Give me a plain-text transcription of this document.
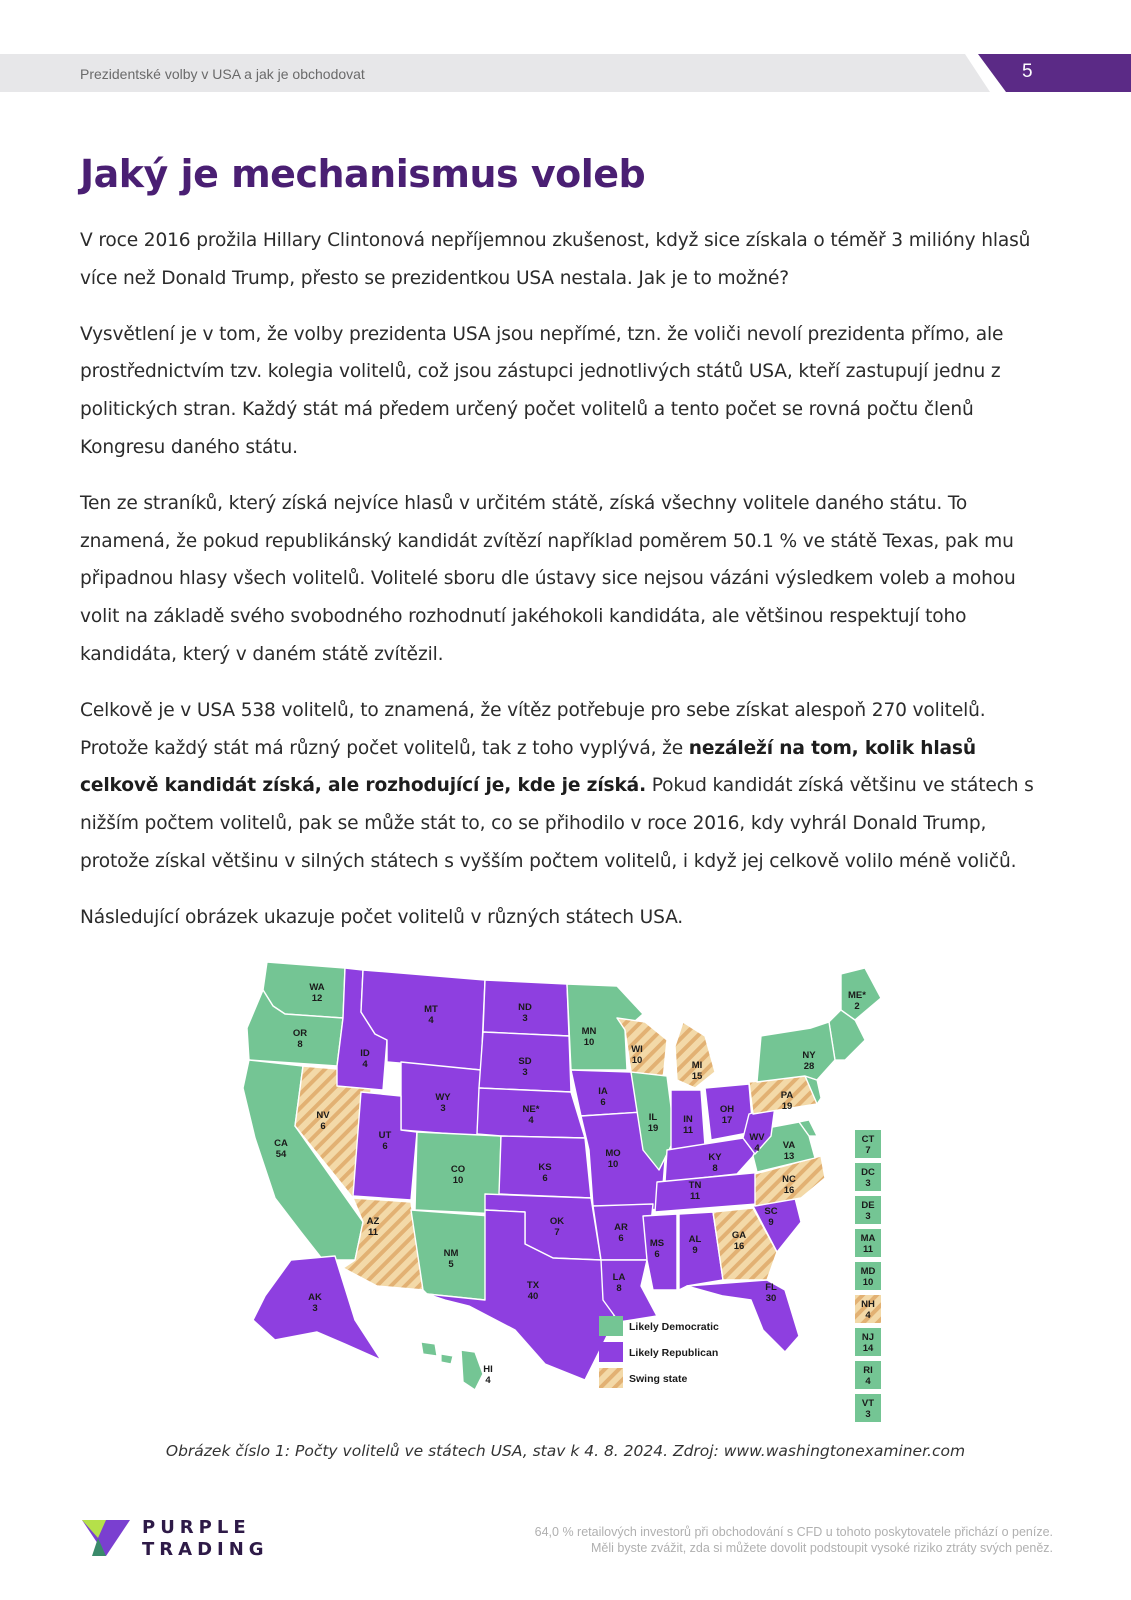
Prezidentské volby v USA a jak je obchodovat	5
Jaký je mechanismus voleb

V roce 2016 prožila Hillary Clintonová nepříjemnou zkušenost, když sice získala o téměř 3 milióny hlasů více než Donald Trump, přesto se prezidentkou USA nestala. Jak je to možné?

Vysvětlení je v tom, že volby prezidenta USA jsou nepřímé, tzn. že voliči nevolí prezidenta přímo, ale prostřednictvím tzv. kolegia volitelů, což jsou zástupci jednotlivých států USA, kteří zastupují jednu z politických stran. Každý stát má předem určený počet volitelů a tento počet se rovná počtu členů Kongresu daného státu.

Ten ze straníků, který získá nejvíce hlasů v určitém státě, získá všechny volitele daného státu. To znamená, že pokud republikánský kandidát zvítězí například poměrem 50.1 % ve státě Texas, pak mu připadnou hlasy všech volitelů. Volitelé sboru dle ústavy sice nejsou vázáni výsledkem voleb a mohou volit na základě svého svobodného rozhodnutí jakéhokoli kandidáta, ale většinou respektují toho kandidáta, který v daném státě zvítězil.

Celkově je v USA 538 volitelů, to znamená, že vítěz potřebuje pro sebe získat alespoň 270 volitelů. Protože každý stát má různý počet volitelů, tak z toho vyplývá, že nezáleží na tom, kolik hlasů celkově kandidát získá, ale rozhodující je, kde je získá. Pokud kandidát získá většinu ve státech s nižším počtem volitelů, pak se může stát to, co se přihodilo v roce 2016, kdy vyhrál Donald Trump, protože získal většinu v silných státech s vyšším počtem volitelů, i když jej celkově volilo méně voličů.

Následující obrázek ukazuje počet volitelů v různých státech USA.

WA 12
OR 8
CA 54
NV 6
ID 4
MT 4
WY 3
UT 6
AZ 11
CO 10
NM 5
ND 3
SD 3
NE* 4
KS 6
OK 7
TX 40
MN 10
IA 6
MO 10
AR 6
LA 8
WI 10
IL 19
MI 15
IN 11
OH 17
KY 8
TN 11
MS 6
AL 9
GA 16
FL 30
SC 9
NC 16
VA 13
WV 4
PA 19
NY 28
ME* 2
AK 3
HI 4
CT 7
DC 3
DE 3
MA 11
MD 10
NH 4
NJ 14
RI 4
VT 3
Likely Democratic
Likely Republican
Swing state
Obrázek číslo 1: Počty volitelů ve státech USA, stav k 4. 8. 2024. Zdroj: www.washingtonexaminer.com
PURPLE
TRADING
64,0 % retailových investorů při obchodování s CFD u tohoto poskytovatele přichází o peníze.
Měli byste zvážit, zda si můžete dovolit podstoupit vysoké riziko ztráty svých peněz.
